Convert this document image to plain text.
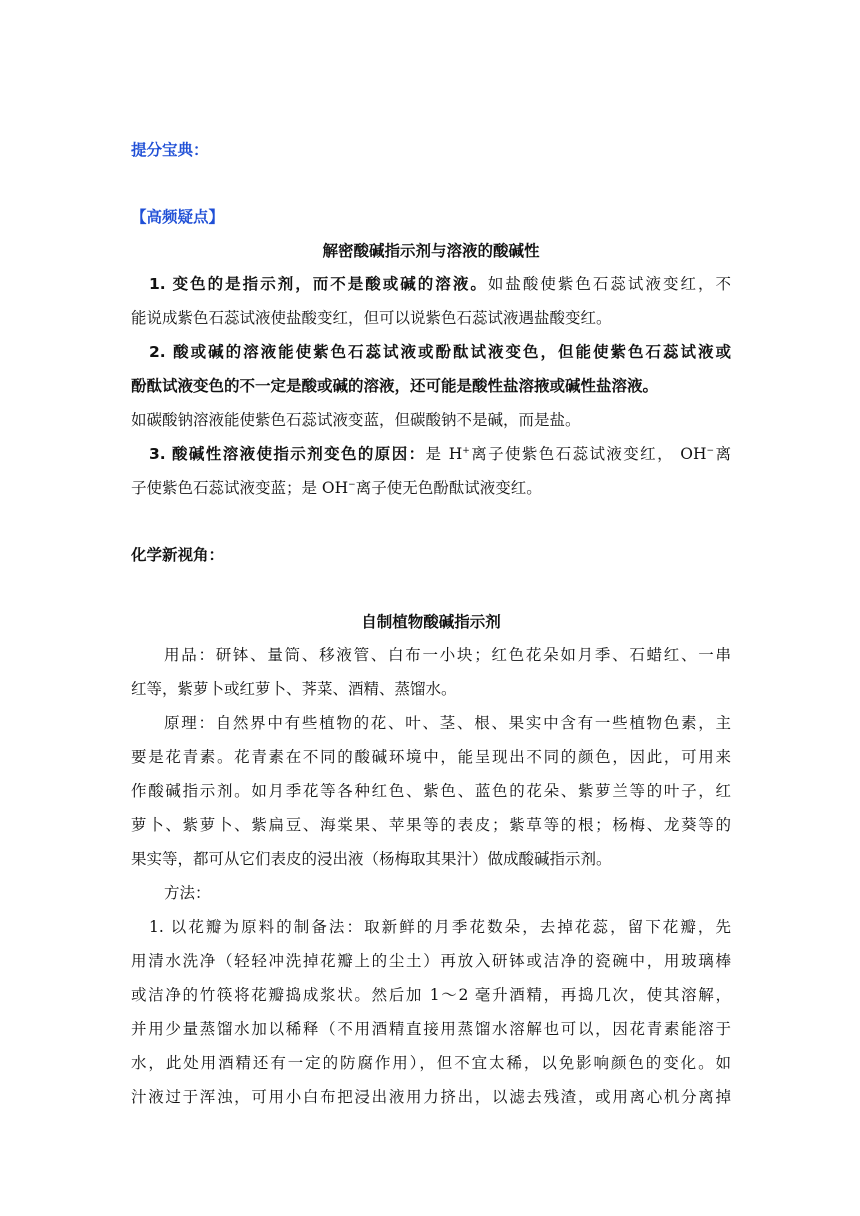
提分宝典：
【高频疑点】
解密酸碱指示剂与溶液的酸碱性
1. 变色的是指示剂，而不是酸或碱的溶液。如盐酸使紫色石蕊试液变红，不
能说成紫色石蕊试液使盐酸变红，但可以说紫色石蕊试液遇盐酸变红。
2. 酸或碱的溶液能使紫色石蕊试液或酚酞试液变色，但能使紫色石蕊试液或
酚酞试液变色的不一定是酸或碱的溶液，还可能是酸性盐溶掖或碱性盐溶液。
如碳酸钠溶液能使紫色石蕊试液变蓝，但碳酸钠不是碱，而是盐。
3. 酸碱性溶液使指示剂变色的原因：是 H+离子使紫色石蕊试液变红， OH−离
子使紫色石蕊试液变蓝；是 OH−离子使无色酚酞试液变红。
化学新视角：
自制植物酸碱指示剂
用品：研钵、量筒、移液管、白布一小块；红色花朵如月季、石蜡红、一串
红等，紫萝卜或红萝卜、荠菜、酒精、蒸馏水。
原理：自然界中有些植物的花、叶、茎、根、果实中含有一些植物色素，主
要是花青素。花青素在不同的酸碱环境中，能呈现出不同的颜色，因此，可用来
作酸碱指示剂。如月季花等各种红色、紫色、蓝色的花朵、紫萝兰等的叶子，红
萝卜、紫萝卜、紫扁豆、海棠果、苹果等的表皮；紫草等的根；杨梅、龙葵等的
果实等，都可从它们表皮的浸出液（杨梅取其果汁）做成酸碱指示剂。
方法：
1. 以花瓣为原料的制备法：取新鲜的月季花数朵，去掉花蕊，留下花瓣，先
用清水洗净（轻轻冲洗掉花瓣上的尘土）再放入研钵或洁净的瓷碗中，用玻璃棒
或洁净的竹筷将花瓣捣成浆状。然后加 1～2 毫升酒精，再捣几次，使其溶解，
并用少量蒸馏水加以稀释（不用酒精直接用蒸馏水溶解也可以，因花青素能溶于
水，此处用酒精还有一定的防腐作用），但不宜太稀，以免影响颜色的变化。如
汁液过于浑浊，可用小白布把浸出液用力挤出，以滤去残渣，或用离心机分离掉
